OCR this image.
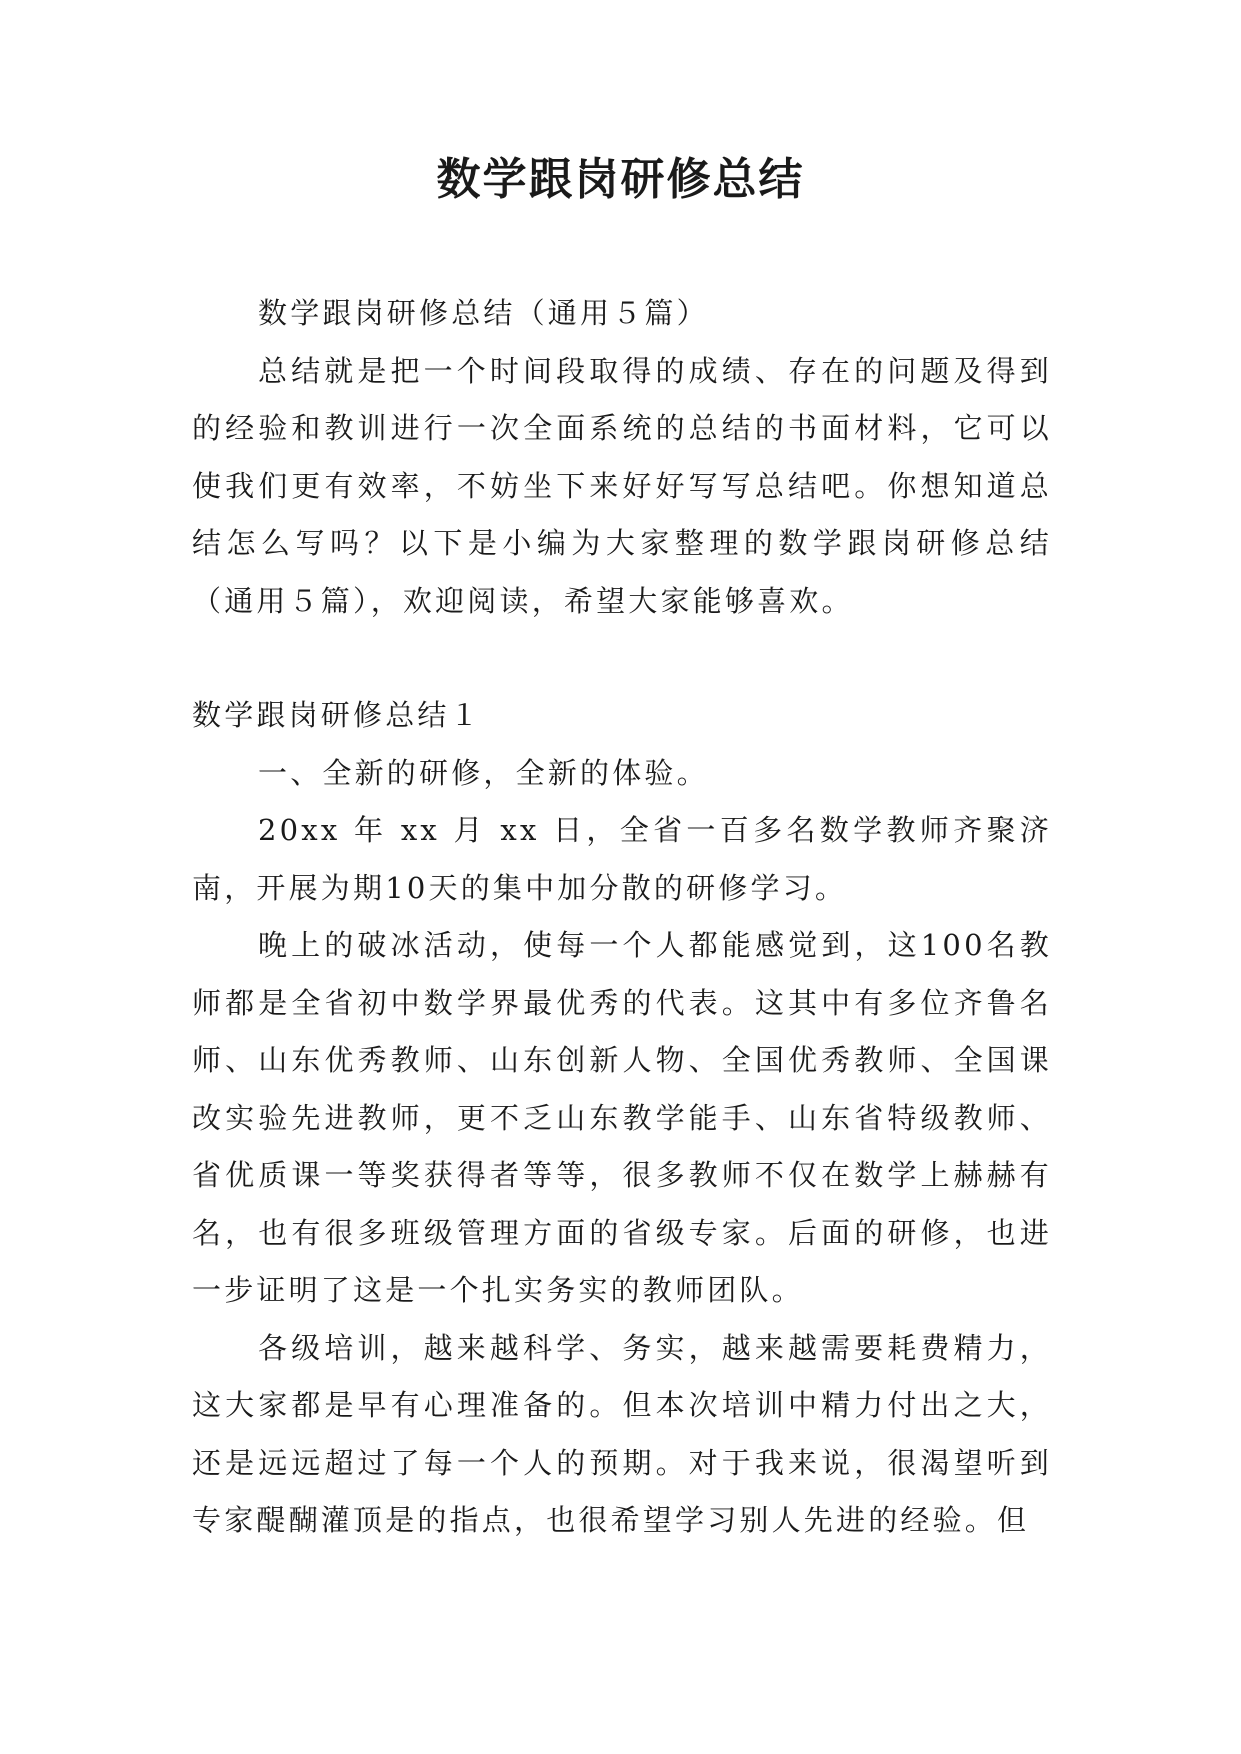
数学跟岗研修总结

数学跟岗研修总结（通用５篇）

总结就是把一个时间段取得的成绩、存在的问题及得到的经验和教训进行一次全面系统的总结的书面材料，它可以使我们更有效率，不妨坐下来好好写写总结吧。你想知道总结怎么写吗？以下是小编为大家整理的数学跟岗研修总结（通用５篇），欢迎阅读，希望大家能够喜欢。

数学跟岗研修总结１

一、全新的研修，全新的体验。

20xx 年 xx 月 xx 日，全省一百多名数学教师齐聚济南，开展为期10天的集中加分散的研修学习。

晚上的破冰活动，使每一个人都能感觉到，这100名教师都是全省初中数学界最优秀的代表。这其中有多位齐鲁名师、山东优秀教师、山东创新人物、全国优秀教师、全国课改实验先进教师，更不乏山东教学能手、山东省特级教师、省优质课一等奖获得者等等，很多教师不仅在数学上赫赫有名，也有很多班级管理方面的省级专家。后面的研修，也进一步证明了这是一个扎实务实的教师团队。

各级培训，越来越科学、务实，越来越需要耗费精力，这大家都是早有心理准备的。但本次培训中精力付出之大，还是远远超过了每一个人的预期。对于我来说，很渴望听到专家醍醐灌顶是的指点，也很希望学习别人先进的经验。但
